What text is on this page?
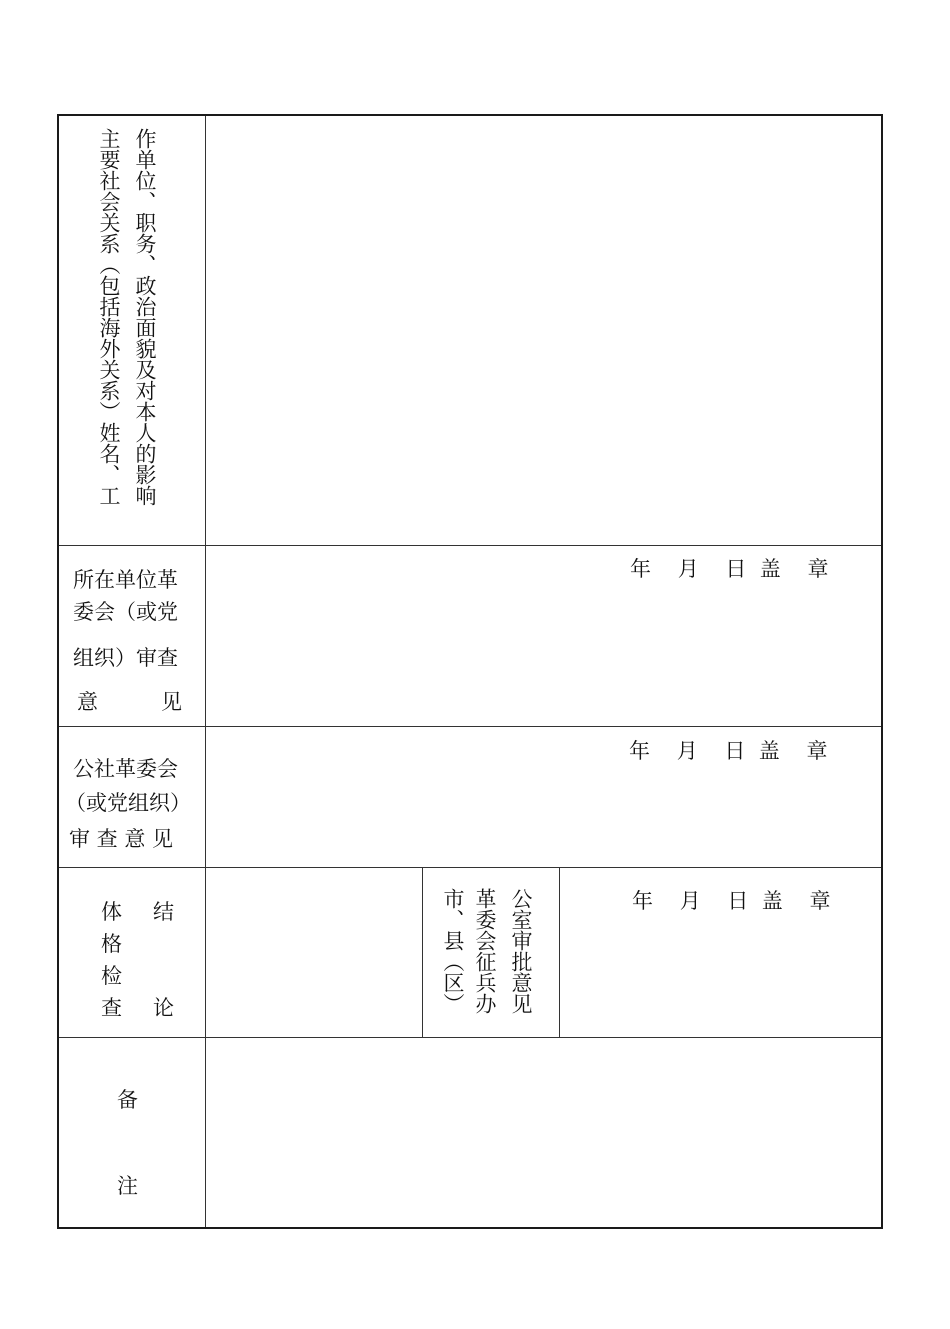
主要社会关系（包括海外关系）姓名、工 作单位、职务、政治面貌及对本人的影响
所在单位革
委会（或党
组织）审查
意	见
年    月    日  盖    章
公社革委会
（或党组织）
审 查 意 见
年    月    日  盖    章
体 结
格
检
查 论	市、县（区） 革委会征兵办 公室审批意见	年    月    日  盖    章
备
注
